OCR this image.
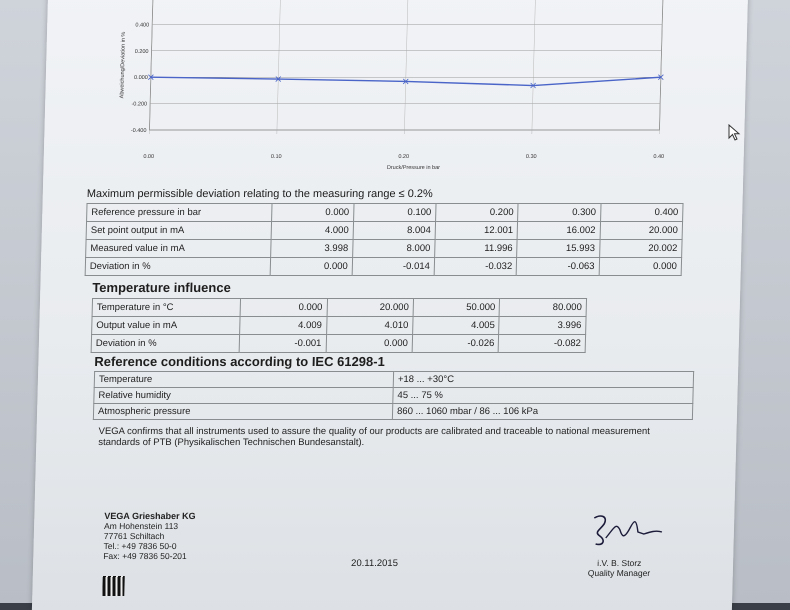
0.400
0.200
0.000
-0.200
-0.400
0.00	0.10	0.20	0.30	0.40
Abweichung/Deviation in %
Druck/Pressure in bar
Maximum permissible deviation relating to the measuring range ≤ 0.2%
Reference pressure in bar	0.000	0.100	0.200	0.300	0.400
Set point output in mA	4.000	8.004	12.001	16.002	20.000
Measured value in mA	3.998	8.000	11.996	15.993	20.002
Deviation in %	0.000	-0.014	-0.032	-0.063	0.000
Temperature influence
Temperature in °C	0.000	20.000	50.000	80.000
Output value in mA	4.009	4.010	4.005	3.996
Deviation in %	-0.001	0.000	-0.026	-0.082
Reference conditions according to IEC 61298-1
Temperature	+18 ... +30°C
Relative humidity	45 ... 75 %
Atmospheric pressure	860 ... 1060 mbar / 86 ... 106 kPa
VEGA confirms that all instruments used to assure the quality of our products are calibrated and traceable to national measurement standards of PTB (Physikalischen Technischen Bundesanstalt).
VEGA Grieshaber KG
Am Hohenstein 113
77761 Schiltach
Tel.: +49 7836 50-0
Fax: +49 7836 50-201
20.11.2015	i.V. B. Storz
Quality Manager
